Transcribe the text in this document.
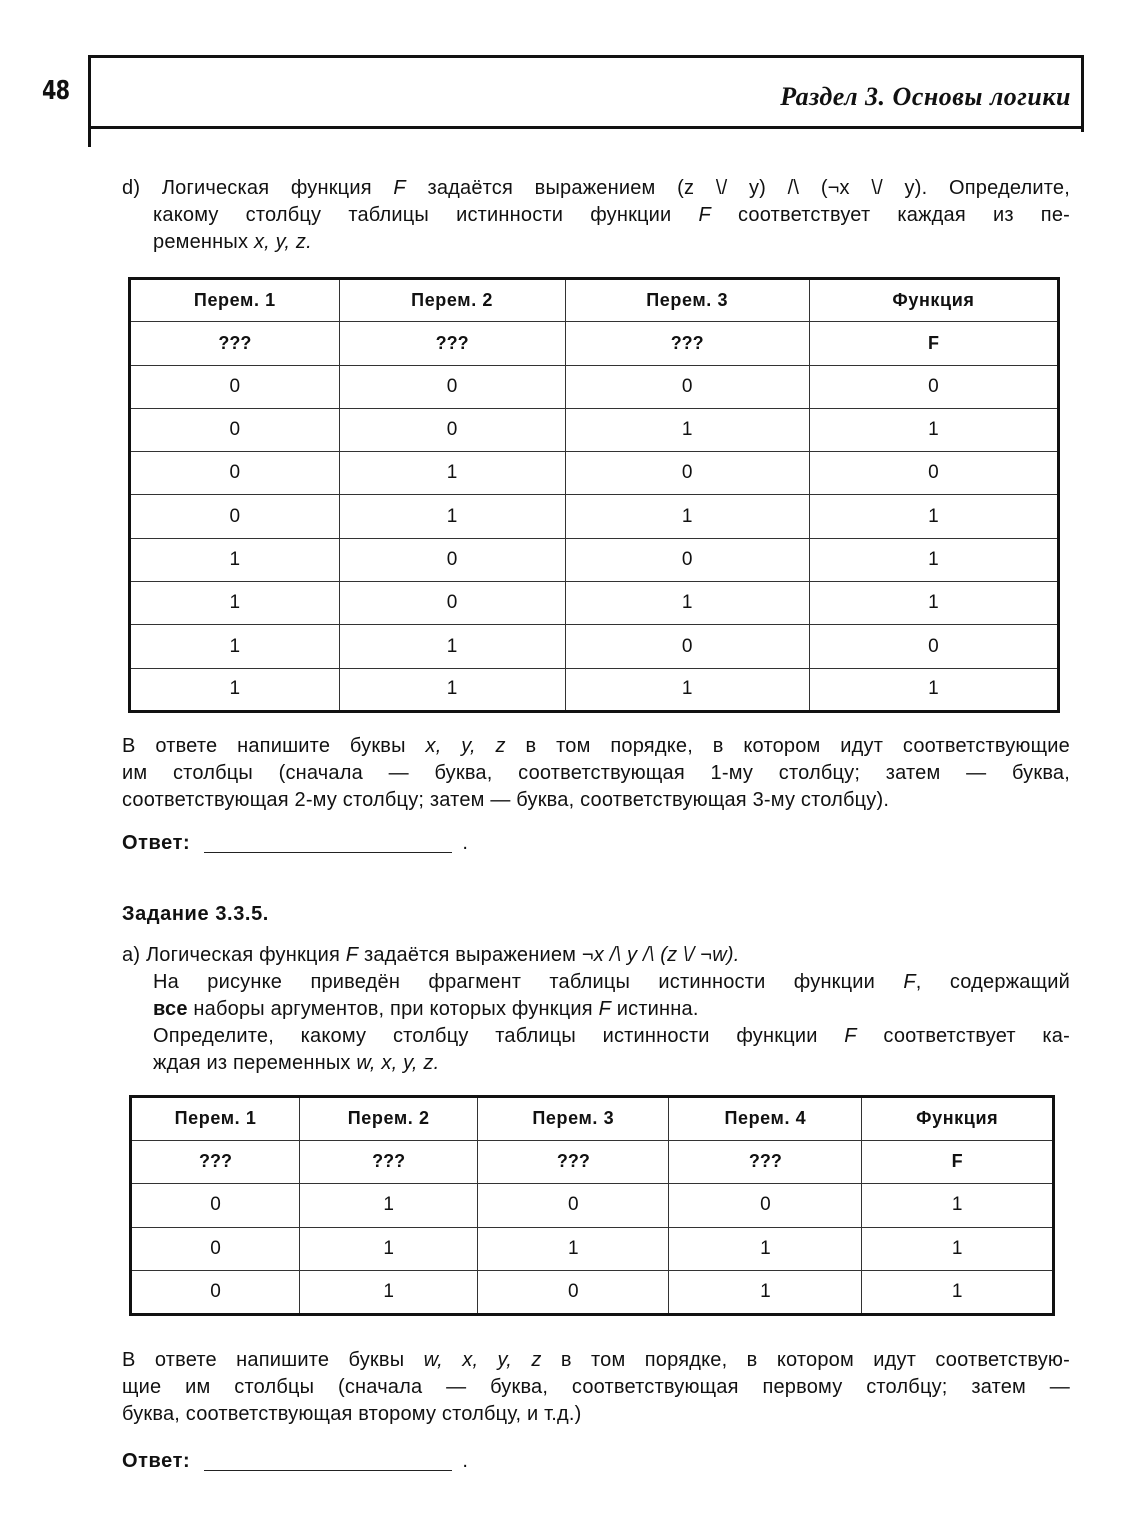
48	Раздел 3. Основы логики
d) Логическая функция F задаётся выражением (z \/ y) /\ (¬x \/ y). Определите,
какому столбцу таблицы истинности функции F соответствует каждая из пе-
ременных x, y, z.
Перем. 1	Перем. 2	Перем. 3	Функция
???	???	???	F
0	0	0	0
0	0	1	1
0	1	0	0
0	1	1	1
1	0	0	1
1	0	1	1
1	1	0	0
1	1	1	1
В ответе напишите буквы x, y, z в том порядке, в котором идут соответствующие
им столбцы (сначала — буква, соответствующая 1-му столбцу; затем — буква,
соответствующая 2-му столбцу; затем — буква, соответствующая 3-му столбцу).
Ответ:	.
Задание 3.3.5.
a) Логическая функция F задаётся выражением ¬x /\ y /\ (z \/ ¬w).
На рисунке приведён фрагмент таблицы истинности функции F, содержащий
все наборы аргументов, при которых функция F истинна.
Определите, какому столбцу таблицы истинности функции F соответствует ка-
ждая из переменных w, x, y, z.
Перем. 1	Перем. 2	Перем. 3	Перем. 4	Функция
???	???	???	???	F
0	1	0	0	1
0	1	1	1	1
0	1	0	1	1
В ответе напишите буквы w, x, y, z в том порядке, в котором идут соответствую-
щие им столбцы (сначала — буква, соответствующая первому столбцу; затем —
буква, соответствующая второму столбцу, и т.д.)
Ответ:	.
